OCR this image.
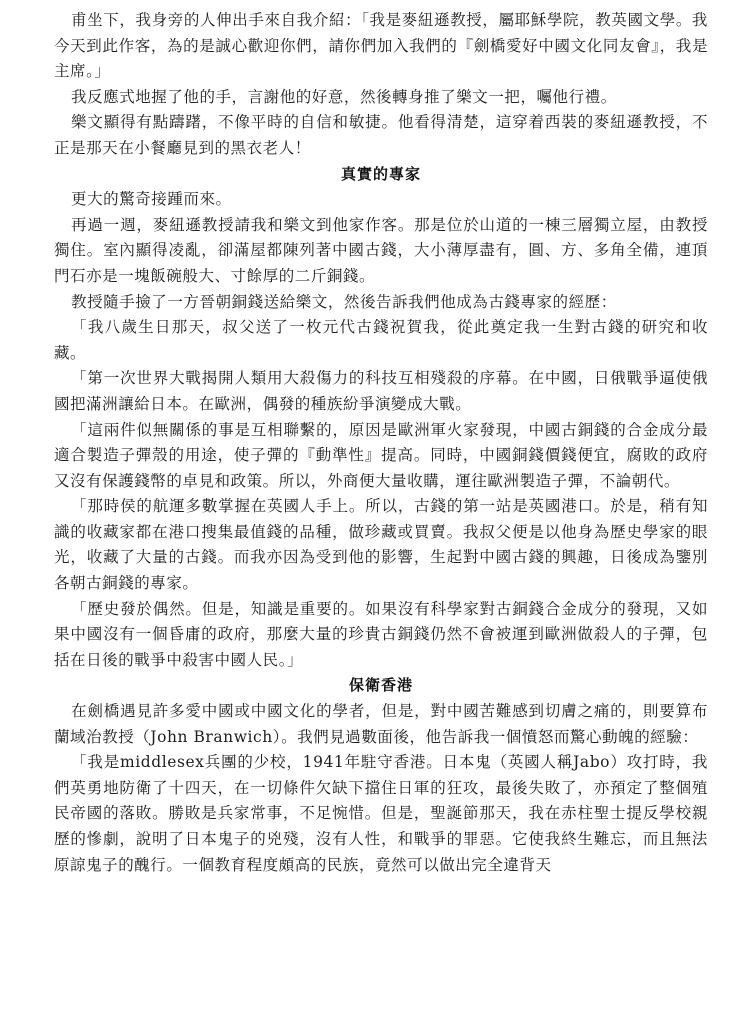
甫坐下，我身旁的人伸出手來自我介紹：「我是麥紐遜教授，屬耶穌學院，教英國文學。我今天到此作客，為的是誠心歡迎你們，請你們加入我們的『劍橋愛好中國文化同友會』，我是主席。」

我反應式地握了他的手，言謝他的好意，然後轉身推了樂文一把，囑他行禮。

樂文顯得有點躊躇，不像平時的自信和敏捷。他看得清楚，這穿着西裝的麥紐遜教授，不正是那天在小餐廳見到的黑衣老人！

真實的專家

更大的驚奇接踵而來。

再過一週，麥紐遜教授請我和樂文到他家作客。那是位於山道的一棟三層獨立屋，由教授獨住。室內顯得凌亂，卻滿屋都陳列著中國古錢，大小薄厚盡有，圓、方、多角全備，連頂門石亦是一塊飯碗般大、寸餘厚的二斤銅錢。

教授隨手撿了一方晉朝銅錢送給樂文，然後告訴我們他成為古錢專家的經歷：

「我八歲生日那天，叔父送了一枚元代古錢祝賀我，從此奠定我一生對古錢的研究和收藏。

「第一次世界大戰揭開人類用大殺傷力的科技互相殘殺的序幕。在中國，日俄戰爭逼使俄國把滿洲讓給日本。在歐洲，偶發的種族紛爭演變成大戰。

「這兩件似無關係的事是互相聯繫的，原因是歐洲軍火家發現，中國古銅錢的合金成分最適合製造子彈殼的用途，使子彈的『動準性』提高。同時，中國銅錢價錢便宜，腐敗的政府又沒有保護錢幣的卓見和政策。所以，外商便大量收購，運往歐洲製造子彈，不論朝代。

「那時侯的航運多數掌握在英國人手上。所以，古錢的第一站是英國港口。於是，稍有知識的收藏家都在港口搜集最值錢的品種，做珍藏或買賣。我叔父便是以他身為歷史學家的眼光，收藏了大量的古錢。而我亦因為受到他的影響，生起對中國古錢的興趣，日後成為鑒別各朝古銅錢的專家。

「歷史發於偶然。但是，知識是重要的。如果沒有科學家對古銅錢合金成分的發現，又如果中國沒有一個昏庸的政府，那麼大量的珍貴古銅錢仍然不會被運到歐洲做殺人的子彈，包括在日後的戰爭中殺害中國人民。」

保衛香港

在劍橋遇見許多愛中國或中國文化的學者，但是，對中國苦難感到切膚之痛的，則要算布蘭域治教授（John Branwich）。我們見過數面後，他告訴我一個憤怒而驚心動魄的經驗：

「我是middlesex兵團的少校，1941年駐守香港。日本鬼（英國人稱Jabo）攻打時，我們英勇地防衛了十四天，在一切條件欠缺下擋住日軍的狂攻，最後失敗了，亦預定了整個殖民帝國的落敗。勝敗是兵家常事，不足惋惜。但是，聖誕節那天，我在赤柱聖士提反學校親歷的慘劇，說明了日本鬼子的兇殘，沒有人性，和戰爭的罪惡。它使我終生難忘，而且無法原諒鬼子的醜行。一個教育程度頗高的民族，竟然可以做出完全違背天
